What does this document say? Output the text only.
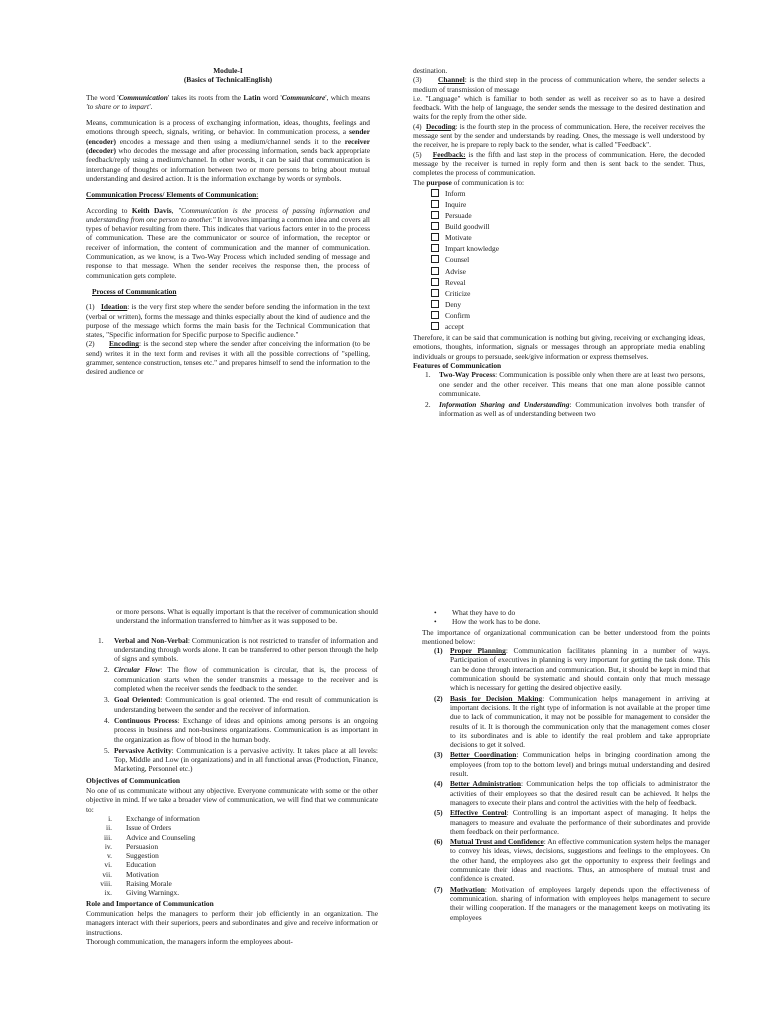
Module-I

(Basics of TechnicalEnglish)

The word 'Communication' takes its roots from the Latin word 'Communicare', which means 'to share or to impart'.

Means, communication is a process of exchanging information, ideas, thoughts, feelings and emotions through speech, signals, writing, or behavior. In communication process, a sender (encoder) encodes a message and then using a medium/channel sends it to the receiver (decoder) who decodes the message and after processing information, sends back appropriate feedback/reply using a medium/channel. In other words, it can be said that communication is interchange of thoughts or information between two or more persons to bring about mutual understanding and desired action. It is the information exchange by words or symbols.

Communication Process/ Elements of Communication:

According to Keith Davis, "Communication is the process of passing information and understanding from one person to another." It involves imparting a common idea and covers all types of behavior resulting from there. This indicates that various factors enter in to the process of communication. These are the communicator or source of information, the receptor or receiver of information, the content of communication and the manner of communication. Communication, as we know, is a Two-Way Process which included sending of message and response to that message. When the sender receives the response then, the process of communication gets complete.

Process of Communication

(1) Ideation: is the very first step where the sender before sending the information in the text (verbal or written), forms the message and thinks especially about the kind of audience and the purpose of the message which forms the main basis for the Technical Communication that states, "Specific information for Specific purpose to Specific audience."

(2) Encoding: is the second step where the sender after conceiving the information (to be send) writes it in the text form and revises it with all the possible corrections of "spelling, grammer, sentence construction, tenses etc." and prepares himself to send the information to the desired audience or

destination.

(3) Channel: is the third step in the process of communication where, the sender selects a medium of transmission of message

i.e. "Language" which is familiar to both sender as well as receiver so as to have a desired feedback. With the help of language, the sender sends the message to the desired destination and waits for the reply from the other side.

(4) Decoding: is the fourth step in the process of communication. Here, the receiver receives the message sent by the sender and understands by reading. Ones, the message is well understood by the receiver, he is prepare to reply back to the sender, what is called "Feedback".

(5) Feedback: is the fifth and last step in the process of communication. Here, the decoded message by the receiver is turned in reply form and then is sent back to the sender. Thus, completes the process of communication.

The purpose of communication is to:

Inform
Inquire
Persuade
Build goodwill
Motivate
Impart knowledge
Counsel
Advise
Reveal
Criticize
Deny
Confirm
accept

Therefore, it can be said that communication is nothing but giving, receiving or exchanging ideas, emotions, thoughts, information, signals or messages through an appropriate media enabling individuals or groups to persuade, seek/give information or express themselves.

Features of Communication

1. Two-Way Process: Communication is possible only when there are at least two persons, one sender and the other receiver. This means that one man alone possible cannot communicate.
2. Information Sharing and Understanding: Communication involves both transfer of information as well as of understanding between two

or more persons. What is equally important is that the receiver of communication should understand the information transferred to him/her as it was supposed to be.

1. Verbal and Non-Verbal: Communication is not restricted to transfer of information and understanding through words alone. It can be transferred to other person through the help of signs and symbols.
2. Circular Flow: The flow of communication is circular, that is, the process of communication starts when the sender transmits a message to the receiver and is completed when the receiver sends the feedback to the sender.
3. Goal Oriented: Communication is goal oriented. The end result of communication is understanding between the sender and the receiver of information.
4. Continuous Process: Exchange of ideas and opinions among persons is an ongoing process in business and non-business organizations. Communication is as important in the organization as flow of blood in the human body.
5. Pervasive Activity: Communication is a pervasive activity. It takes place at all levels: Top, Middle and Low (in organizations) and in all functional areas (Production, Finance, Marketing, Personnel etc.)

Objectives of Communication

No one of us communicate without any objective. Everyone communicate with some or the other objective in mind. If we take a broader view of communication, we will find that we communicate to:

i. Exchange of information
ii. Issue of Orders
iii. Advice and Counseling
iv. Persuasion
v. Suggestion
vi. Education
vii. Motivation
viii. Raising Morale
ix. Giving Warningx.

Role and Importance of Communication

Communication helps the managers to perform their job efficiently in an organization. The managers interact with their superiors, peers and subordinates and give and receive information or instructions.

Thorough communication, the managers inform the employees about-

• What they have to do
• How the work has to be done.

The importance of organizational communication can be better understood from the points mentioned below:

(1) Proper Planning: Communication facilitates planning in a number of ways. Participation of executives in planning is very important for getting the task done. This can be done through interaction and communication. But, it should be kept in mind that communication should be systematic and should contain only that much message which is necessary for getting the desired objective easily.
(2) Basis for Decision Making: Communication helps management in arriving at important decisions. It the right type of information is not available at the proper time due to lack of communication, it may not be possible for management to consider the results of it. It is thorough the communication only that the management comes closer to its subordinates and is able to identify the real problem and take appropriate decisions to get it solved.
(3) Better Coordination: Communication helps in bringing coordination among the employees (from top to the bottom level) and brings mutual understanding and desired result.
(4) Better Administration: Communication helps the top officials to administrator the activities of their employees so that the desired result can be achieved. It helps the managers to execute their plans and control the activities with the help of feedback.
(5) Effective Control: Controlling is an important aspect of managing. It helps the managers to measure and evaluate the performance of their subordinates and provide them feedback on their performance.
(6) Mutual Trust and Confidence: An effective communication system helps the manager to convey his ideas, views, decisions, suggestions and feelings to the employees. On the other hand, the employees also get the opportunity to express their feelings and communicate their ideas and reactions. Thus, an atmosphere of mutual trust and confidence is created.
(7) Motivation: Motivation of employees largely depends upon the effectiveness of communication. sharing of information with employees helps management to secure their willing cooperation. If the managers or the management keeps on motivating its employees
